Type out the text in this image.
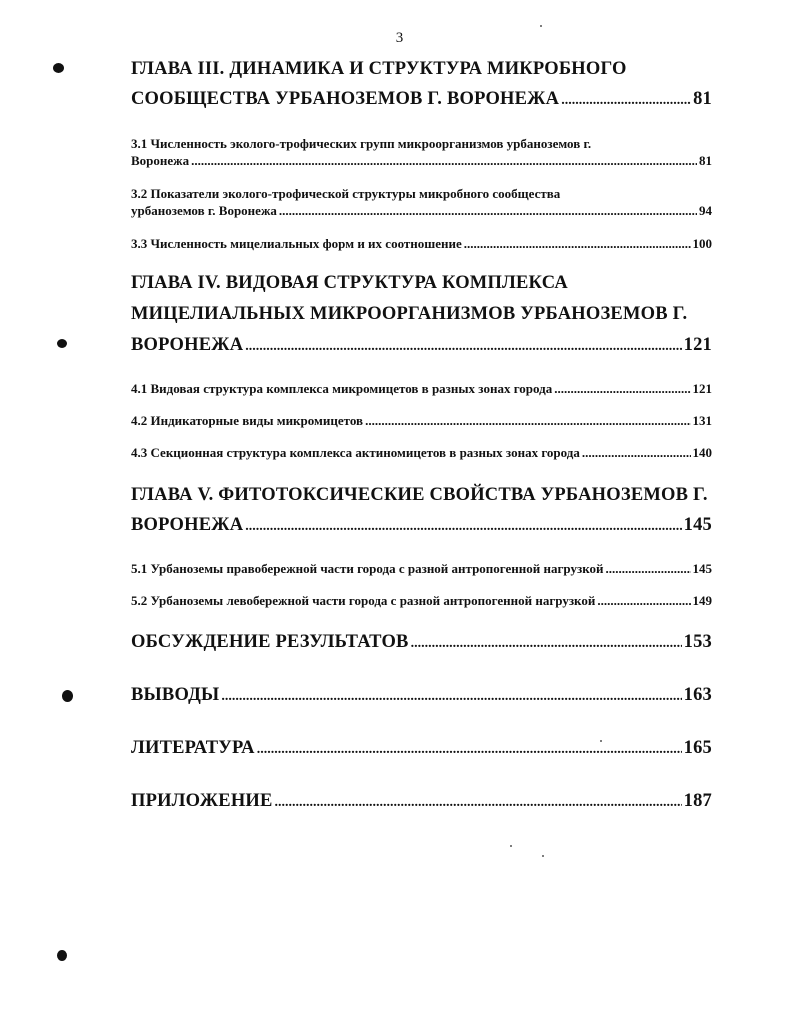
3
ГЛАВА III. ДИНАМИКА И СТРУКТУРА МИКРОБНОГО
СООБЩЕСТВА УРБАНОЗЕМОВ Г. ВОРОНЕЖА .....	81
3.1 Численность эколого-трофических групп микроорганизмов урбаноземов г.
Воронежа .....	81
3.2 Показатели эколого-трофической структуры микробного сообщества
урбаноземов г. Воронежа .....	94
3.3 Численность мицелиальных форм и их соотношение .....	100
ГЛАВА IV. ВИДОВАЯ СТРУКТУРА КОМПЛЕКСА
МИЦЕЛИАЛЬНЫХ МИКРООРГАНИЗМОВ УРБАНОЗЕМОВ Г.
ВОРОНЕЖА .....	121
4.1 Видовая структура комплекса микромицетов в разных зонах города .....	121
4.2 Индикаторные виды микромицетов .....	131
4.3 Секционная структура комплекса актиномицетов в разных зонах города .....	140
ГЛАВА V. ФИТОТОКСИЧЕСКИЕ СВОЙСТВА УРБАНОЗЕМОВ Г.
ВОРОНЕЖА .....	145
5.1 Урбаноземы правобережной части города с разной антропогенной нагрузкой .....	145
5.2 Урбаноземы левобережной части города с разной антропогенной нагрузкой .....	149
ОБСУЖДЕНИЕ РЕЗУЛЬТАТОВ .....	153
ВЫВОДЫ .....	163
ЛИТЕРАТУРА .....	165
ПРИЛОЖЕНИЕ .....	187
